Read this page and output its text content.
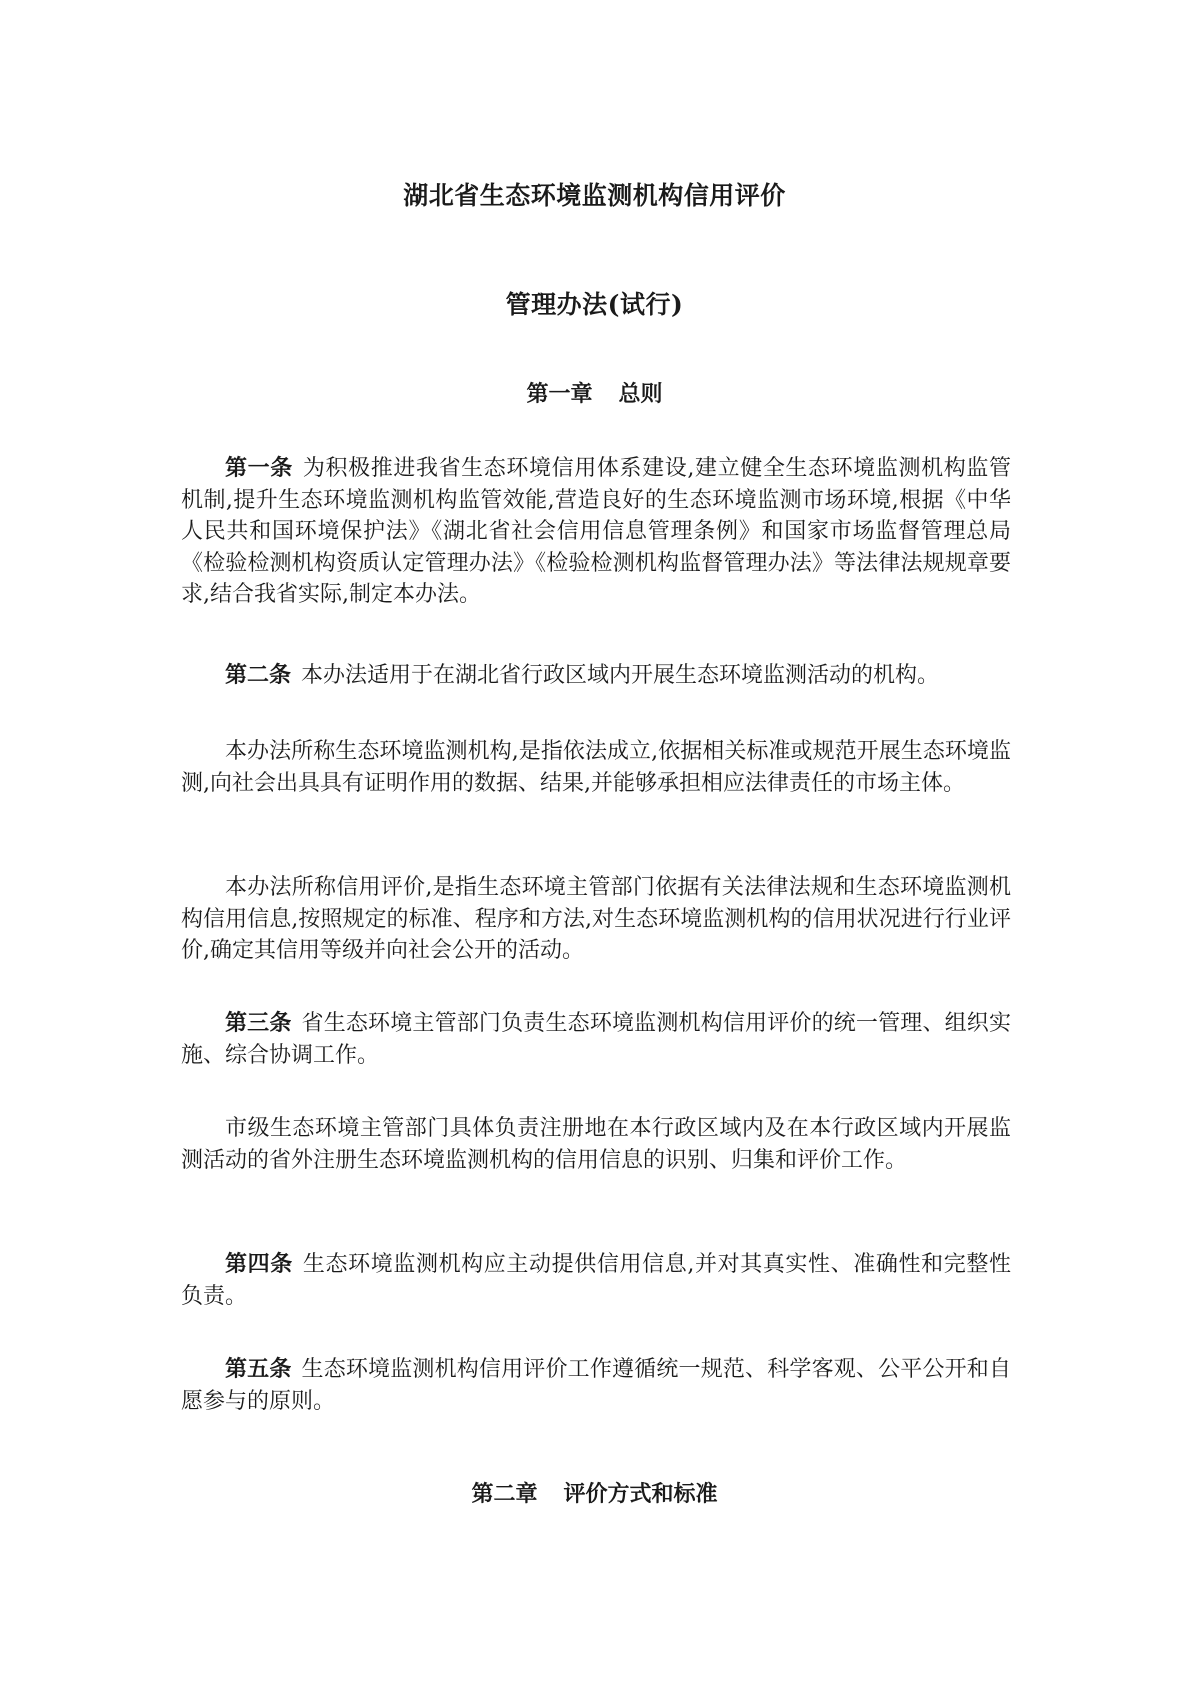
湖北省生态环境监测机构信用评价
管理办法(试行)
第一章 总则
第一条 为积极推进我省生态环境信用体系建设,建立健全生态环境监测机构监管机制,提升生态环境监测机构监管效能,营造良好的生态环境监测市场环境,根据《中华人民共和国环境保护法》《湖北省社会信用信息管理条例》和国家市场监督管理总局《检验检测机构资质认定管理办法》《检验检测机构监督管理办法》等法律法规规章要求,结合我省实际,制定本办法。
第二条 本办法适用于在湖北省行政区域内开展生态环境监测活动的机构。
本办法所称生态环境监测机构,是指依法成立,依据相关标准或规范开展生态环境监测,向社会出具具有证明作用的数据、结果,并能够承担相应法律责任的市场主体。
本办法所称信用评价,是指生态环境主管部门依据有关法律法规和生态环境监测机构信用信息,按照规定的标准、程序和方法,对生态环境监测机构的信用状况进行行业评价,确定其信用等级并向社会公开的活动。
第三条 省生态环境主管部门负责生态环境监测机构信用评价的统一管理、组织实施、综合协调工作。
市级生态环境主管部门具体负责注册地在本行政区域内及在本行政区域内开展监测活动的省外注册生态环境监测机构的信用信息的识别、归集和评价工作。
第四条 生态环境监测机构应主动提供信用信息,并对其真实性、准确性和完整性负责。
第五条 生态环境监测机构信用评价工作遵循统一规范、科学客观、公平公开和自愿参与的原则。
第二章 评价方式和标准
